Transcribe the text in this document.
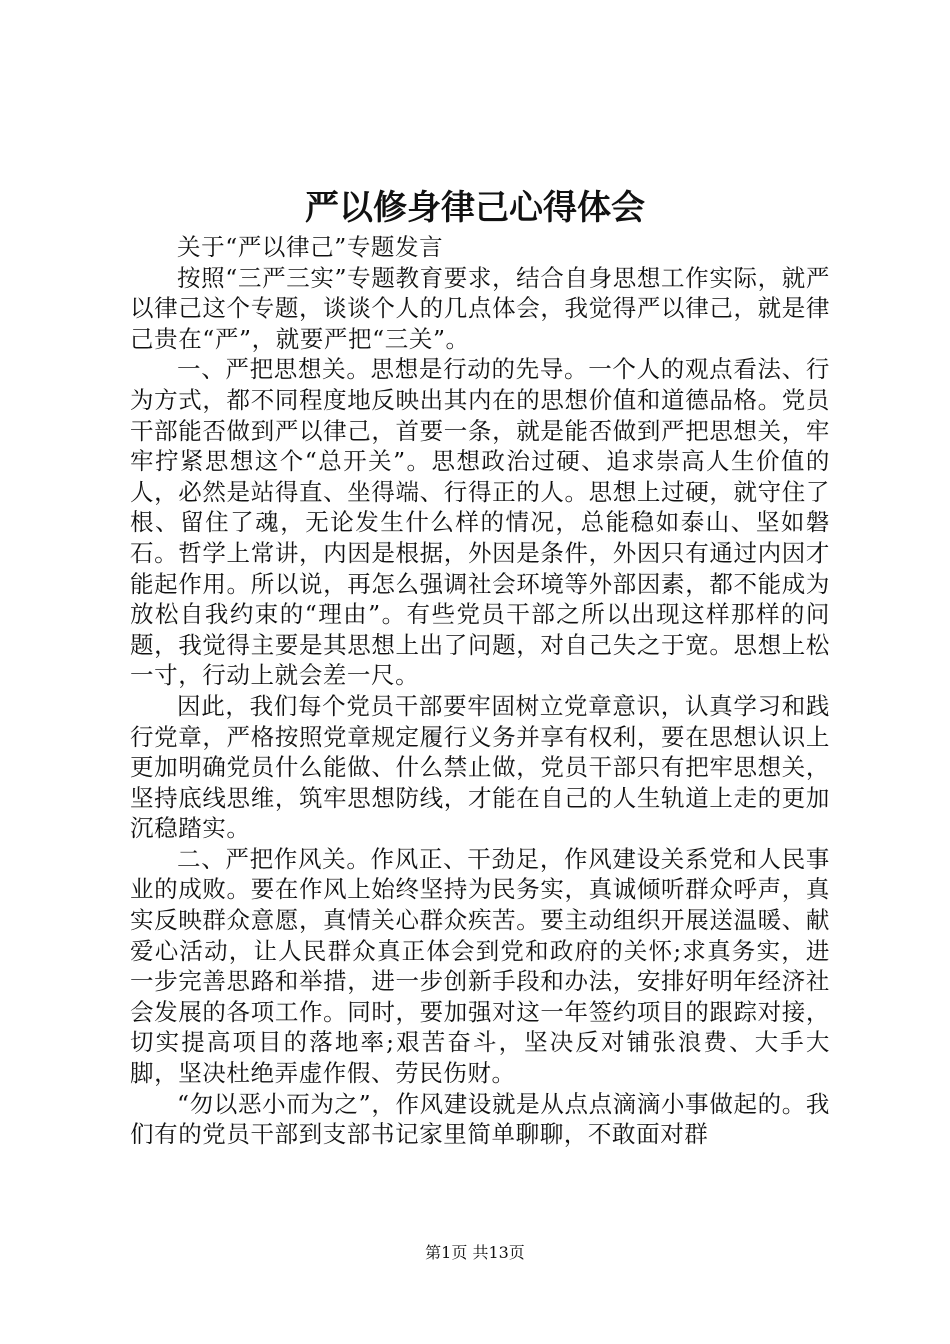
严以修身律己心得体会

关于“严以律己”专题发言

按照“三严三实”专题教育要求，结合自身思想工作实际，就严以律己这个专题，谈谈个人的几点体会，我觉得严以律己，就是律己贵在“严”，就要严把“三关”。

一、严把思想关。思想是行动的先导。一个人的观点看法、行为方式，都不同程度地反映出其内在的思想价值和道德品格。党员干部能否做到严以律己，首要一条，就是能否做到严把思想关，牢牢拧紧思想这个“总开关”。思想政治过硬、追求崇高人生价值的人，必然是站得直、坐得端、行得正的人。思想上过硬，就守住了根、留住了魂，无论发生什么样的情况，总能稳如泰山、坚如磐石。哲学上常讲，内因是根据，外因是条件，外因只有通过内因才能起作用。所以说，再怎么强调社会环境等外部因素，都不能成为放松自我约束的“理由”。有些党员干部之所以出现这样那样的问题，我觉得主要是其思想上出了问题，对自己失之于宽。思想上松一寸，行动上就会差一尺。

因此，我们每个党员干部要牢固树立党章意识，认真学习和践行党章，严格按照党章规定履行义务并享有权利，要在思想认识上更加明确党员什么能做、什么禁止做，党员干部只有把牢思想关，坚持底线思维，筑牢思想防线，才能在自己的人生轨道上走的更加沉稳踏实。

二、严把作风关。作风正、干劲足，作风建设关系党和人民事业的成败。要在作风上始终坚持为民务实，真诚倾听群众呼声，真实反映群众意愿，真情关心群众疾苦。要主动组织开展送温暖、献爱心活动，让人民群众真正体会到党和政府的关怀;求真务实，进一步完善思路和举措，进一步创新手段和办法，安排好明年经济社会发展的各项工作。同时，要加强对这一年签约项目的跟踪对接，切实提高项目的落地率;艰苦奋斗，坚决反对铺张浪费、大手大脚，坚决杜绝弄虚作假、劳民伤财。

“勿以恶小而为之”，作风建设就是从点点滴滴小事做起的。我们有的党员干部到支部书记家里简单聊聊，不敢面对群

第1页 共13页
